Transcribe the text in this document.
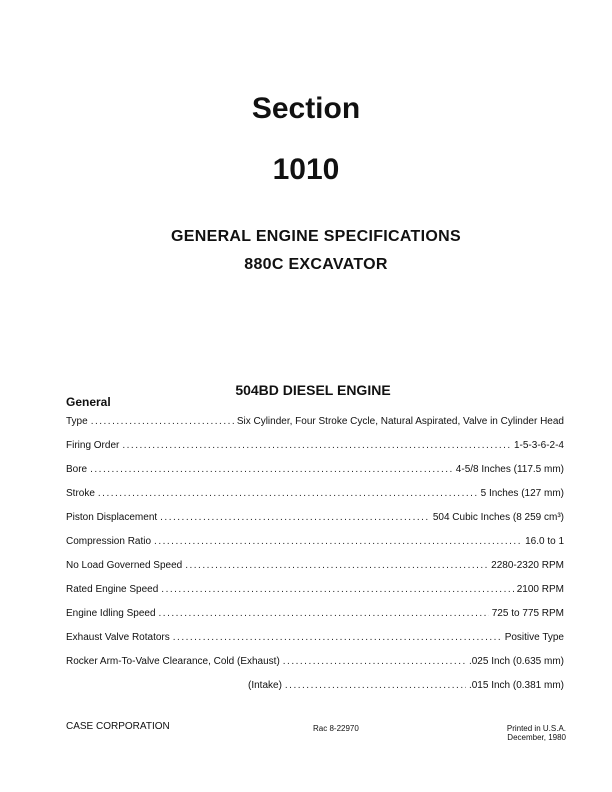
Section
1010
GENERAL ENGINE SPECIFICATIONS
880C EXCAVATOR
504BD DIESEL ENGINE
General
Type .....	Six Cylinder, Four Stroke Cycle, Natural Aspirated, Valve in Cylinder Head
Firing Order .....	1-5-3-6-2-4
Bore .....	4-5/8 Inches (117.5 mm)
Stroke .....	5 Inches (127 mm)
Piston Displacement .....	504 Cubic Inches (8 259 cm³)
Compression Ratio .....	16.0 to 1
No Load Governed Speed .....	2280-2320 RPM
Rated Engine Speed .....	2100 RPM
Engine Idling Speed .....	725 to 775 RPM
Exhaust Valve Rotators .....	Positive Type
Rocker Arm-To-Valve Clearance, Cold (Exhaust) .....	.025 Inch (0.635 mm)
(Intake) .....	.015 Inch (0.381 mm)
CASE CORPORATION	Rac 8-22970	Printed in U.S.A.
December, 1980
